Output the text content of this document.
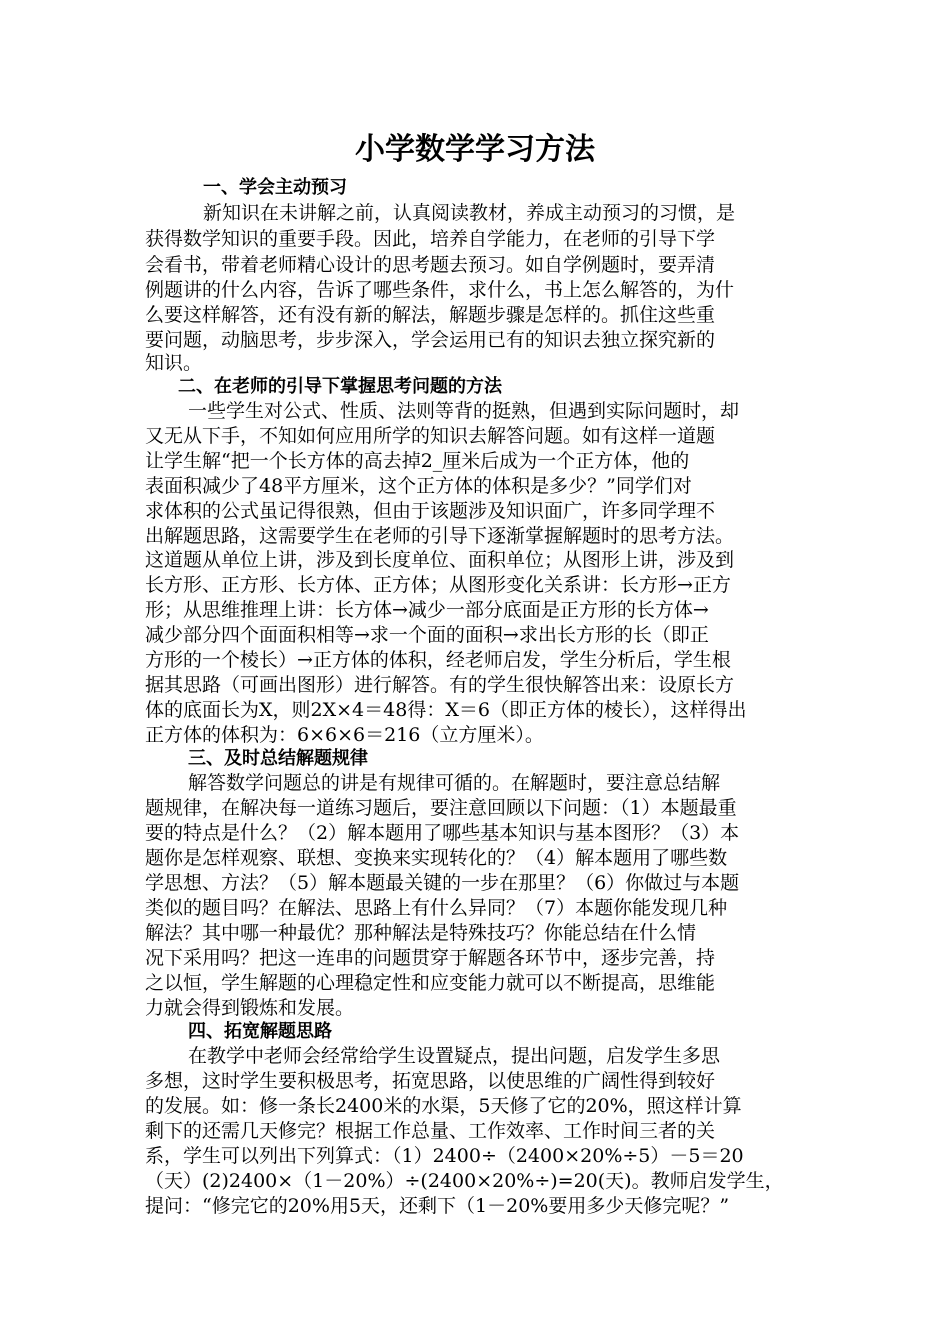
小学数学学习方法
一、学会主动预习
新知识在未讲解之前，认真阅读教材，养成主动预习的习惯，是
获得数学知识的重要手段。因此，培养自学能力，在老师的引导下学
会看书，带着老师精心设计的思考题去预习。如自学例题时，要弄清
例题讲的什么内容，告诉了哪些条件，求什么，书上怎么解答的，为什
么要这样解答，还有没有新的解法，解题步骤是怎样的。抓住这些重
要问题，动脑思考，步步深入，学会运用已有的知识去独立探究新的
知识。
二、在老师的引导下掌握思考问题的方法
一些学生对公式、性质、法则等背的挺熟，但遇到实际问题时，却
又无从下手，不知如何应用所学的知识去解答问题。如有这样一道题
让学生解“把一个长方体的高去掉2_厘米后成为一个正方体，他的
表面积减少了48平方厘米，这个正方体的体积是多少？”同学们对
求体积的公式虽记得很熟，但由于该题涉及知识面广，许多同学理不
出解题思路，这需要学生在老师的引导下逐渐掌握解题时的思考方法。
这道题从单位上讲，涉及到长度单位、面积单位；从图形上讲，涉及到
长方形、正方形、长方体、正方体；从图形变化关系讲：长方形→正方
形；从思维推理上讲：长方体→减少一部分底面是正方形的长方体→
减少部分四个面面积相等→求一个面的面积→求出长方形的长（即正
方形的一个棱长）→正方体的体积，经老师启发，学生分析后，学生根
据其思路（可画出图形）进行解答。有的学生很快解答出来：设原长方
体的底面长为X，则2X×4＝48得：X＝6（即正方体的棱长），这样得出
正方体的体积为：6×6×6＝216（立方厘米）。
三、及时总结解题规律
解答数学问题总的讲是有规律可循的。在解题时，要注意总结解
题规律，在解决每一道练习题后，要注意回顾以下问题：（1）本题最重
要的特点是什么？（2）解本题用了哪些基本知识与基本图形？（3）本
题你是怎样观察、联想、变换来实现转化的？（4）解本题用了哪些数
学思想、方法？（5）解本题最关键的一步在那里？（6）你做过与本题
类似的题目吗？在解法、思路上有什么异同？（7）本题你能发现几种
解法？其中哪一种最优？那种解法是特殊技巧？你能总结在什么情
况下采用吗？把这一连串的问题贯穿于解题各环节中，逐步完善，持
之以恒，学生解题的心理稳定性和应变能力就可以不断提高，思维能
力就会得到锻炼和发展。
四、拓宽解题思路
在教学中老师会经常给学生设置疑点，提出问题，启发学生多思
多想，这时学生要积极思考，拓宽思路，以使思维的广阔性得到较好
的发展。如：修一条长2400米的水渠，5天修了它的20%，照这样计算
剩下的还需几天修完？根据工作总量、工作效率、工作时间三者的关
系，学生可以列出下列算式：（1）2400÷（2400×20%÷5）－5＝20
（天）(2)2400×（1－20%）÷(2400×20%÷)=20(天)。教师启发学生，
提问：“修完它的20%用5天，还剩下（1－20%要用多少天修完呢？”
